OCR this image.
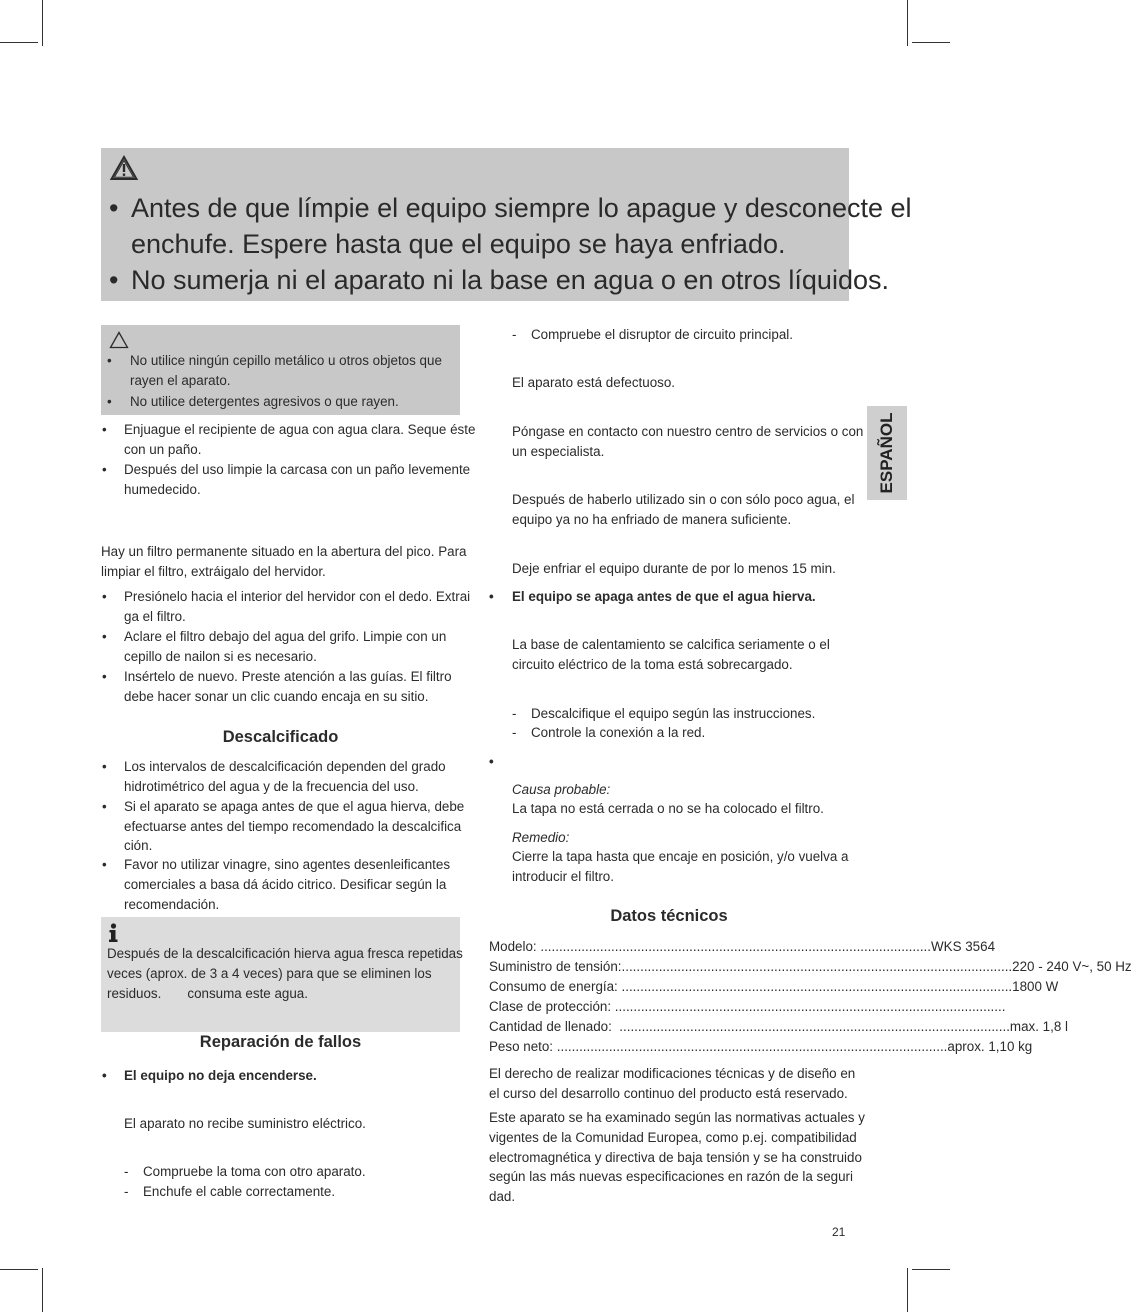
• Antes de que límpie el equipo siempre lo apague y desconecte el
enchufe. Espere hasta que el equipo se haya enfriado.
• No sumerja ni el aparato ni la base en agua o en otros líquidos.
ESPAÑOL
• No utilice ningún cepillo metálico u otros objetos que
rayen el aparato.
• No utilice detergentes agresivos o que rayen.
• Enjuague el recipiente de agua con agua clara. Seque éste
con un paño.
• Después del uso limpie la carcasa con un paño levemente
humedecido.
Hay un filtro permanente situado en la abertura del pico. Para
limpiar el filtro, extráigalo del hervidor.
• Presiónelo hacia el interior del hervidor con el dedo. Extrai
ga el filtro.
• Aclare el filtro debajo del agua del grifo. Limpie con un
cepillo de nailon si es necesario.
• Insértelo de nuevo. Preste atención a las guías. El filtro
debe hacer sonar un clic cuando encaja en su sitio.
Descalcificado
• Los intervalos de descalcificación dependen del grado
hidrotimétrico del agua y de la frecuencia del uso.
• Si el aparato se apaga antes de que el agua hierva, debe
efectuarse antes del tiempo recomendado la descalcifica
ción.
• Favor no utilizar vinagre, sino agentes desenleificantes
comerciales a basa dá ácido citrico. Desificar según la
recomendación.
Después de la descalcificación hierva agua fresca repetidas
veces (aprox. de 3 a 4 veces) para que se eliminen los
residuos.       consuma este agua.
Reparación de fallos
• El equipo no deja encenderse.
El aparato no recibe suministro eléctrico.
- Compruebe la toma con otro aparato.
- Enchufe el cable correctamente.
- Compruebe el disruptor de circuito principal.
El aparato está defectuoso.
Póngase en contacto con nuestro centro de servicios o con
un especialista.
Después de haberlo utilizado sin o con sólo poco agua, el
equipo ya no ha enfriado de manera suficiente.
Deje enfriar el equipo durante de por lo menos 15 min.
• El equipo se apaga antes de que el agua hierva.
La base de calentamiento se calcifica seriamente o el
circuito eléctrico de la toma está sobrecargado.
- Descalcifique el equipo según las instrucciones.
- Controle la conexión a la red.
•
Causa probable:
La tapa no está cerrada o no se ha colocado el filtro.
Remedio:
Cierre la tapa hasta que encaje en posición, y/o vuelva a
introducir el filtro.
Datos técnicos
Modelo: ......................................................................................................... WKS 3564
Suministro de tensión: ......................................................................................................... 220 - 240 V~, 50 Hz
Consumo de energía: ......................................................................................................... 1800 W
Clase de protección: .........................................................................................................
Cantidad de llenado: ......................................................................................................... max. 1,8 l
Peso neto: ......................................................................................................... aprox. 1,10 kg
El derecho de realizar modificaciones técnicas y de diseño en
el curso del desarrollo continuo del producto está reservado.
Este aparato se ha examinado según las normativas actuales y
vigentes de la Comunidad Europea, como p.ej. compatibilidad
electromagnética y directiva de baja tensión y se ha construido
según las más nuevas especificaciones en razón de la seguri
dad.
21
